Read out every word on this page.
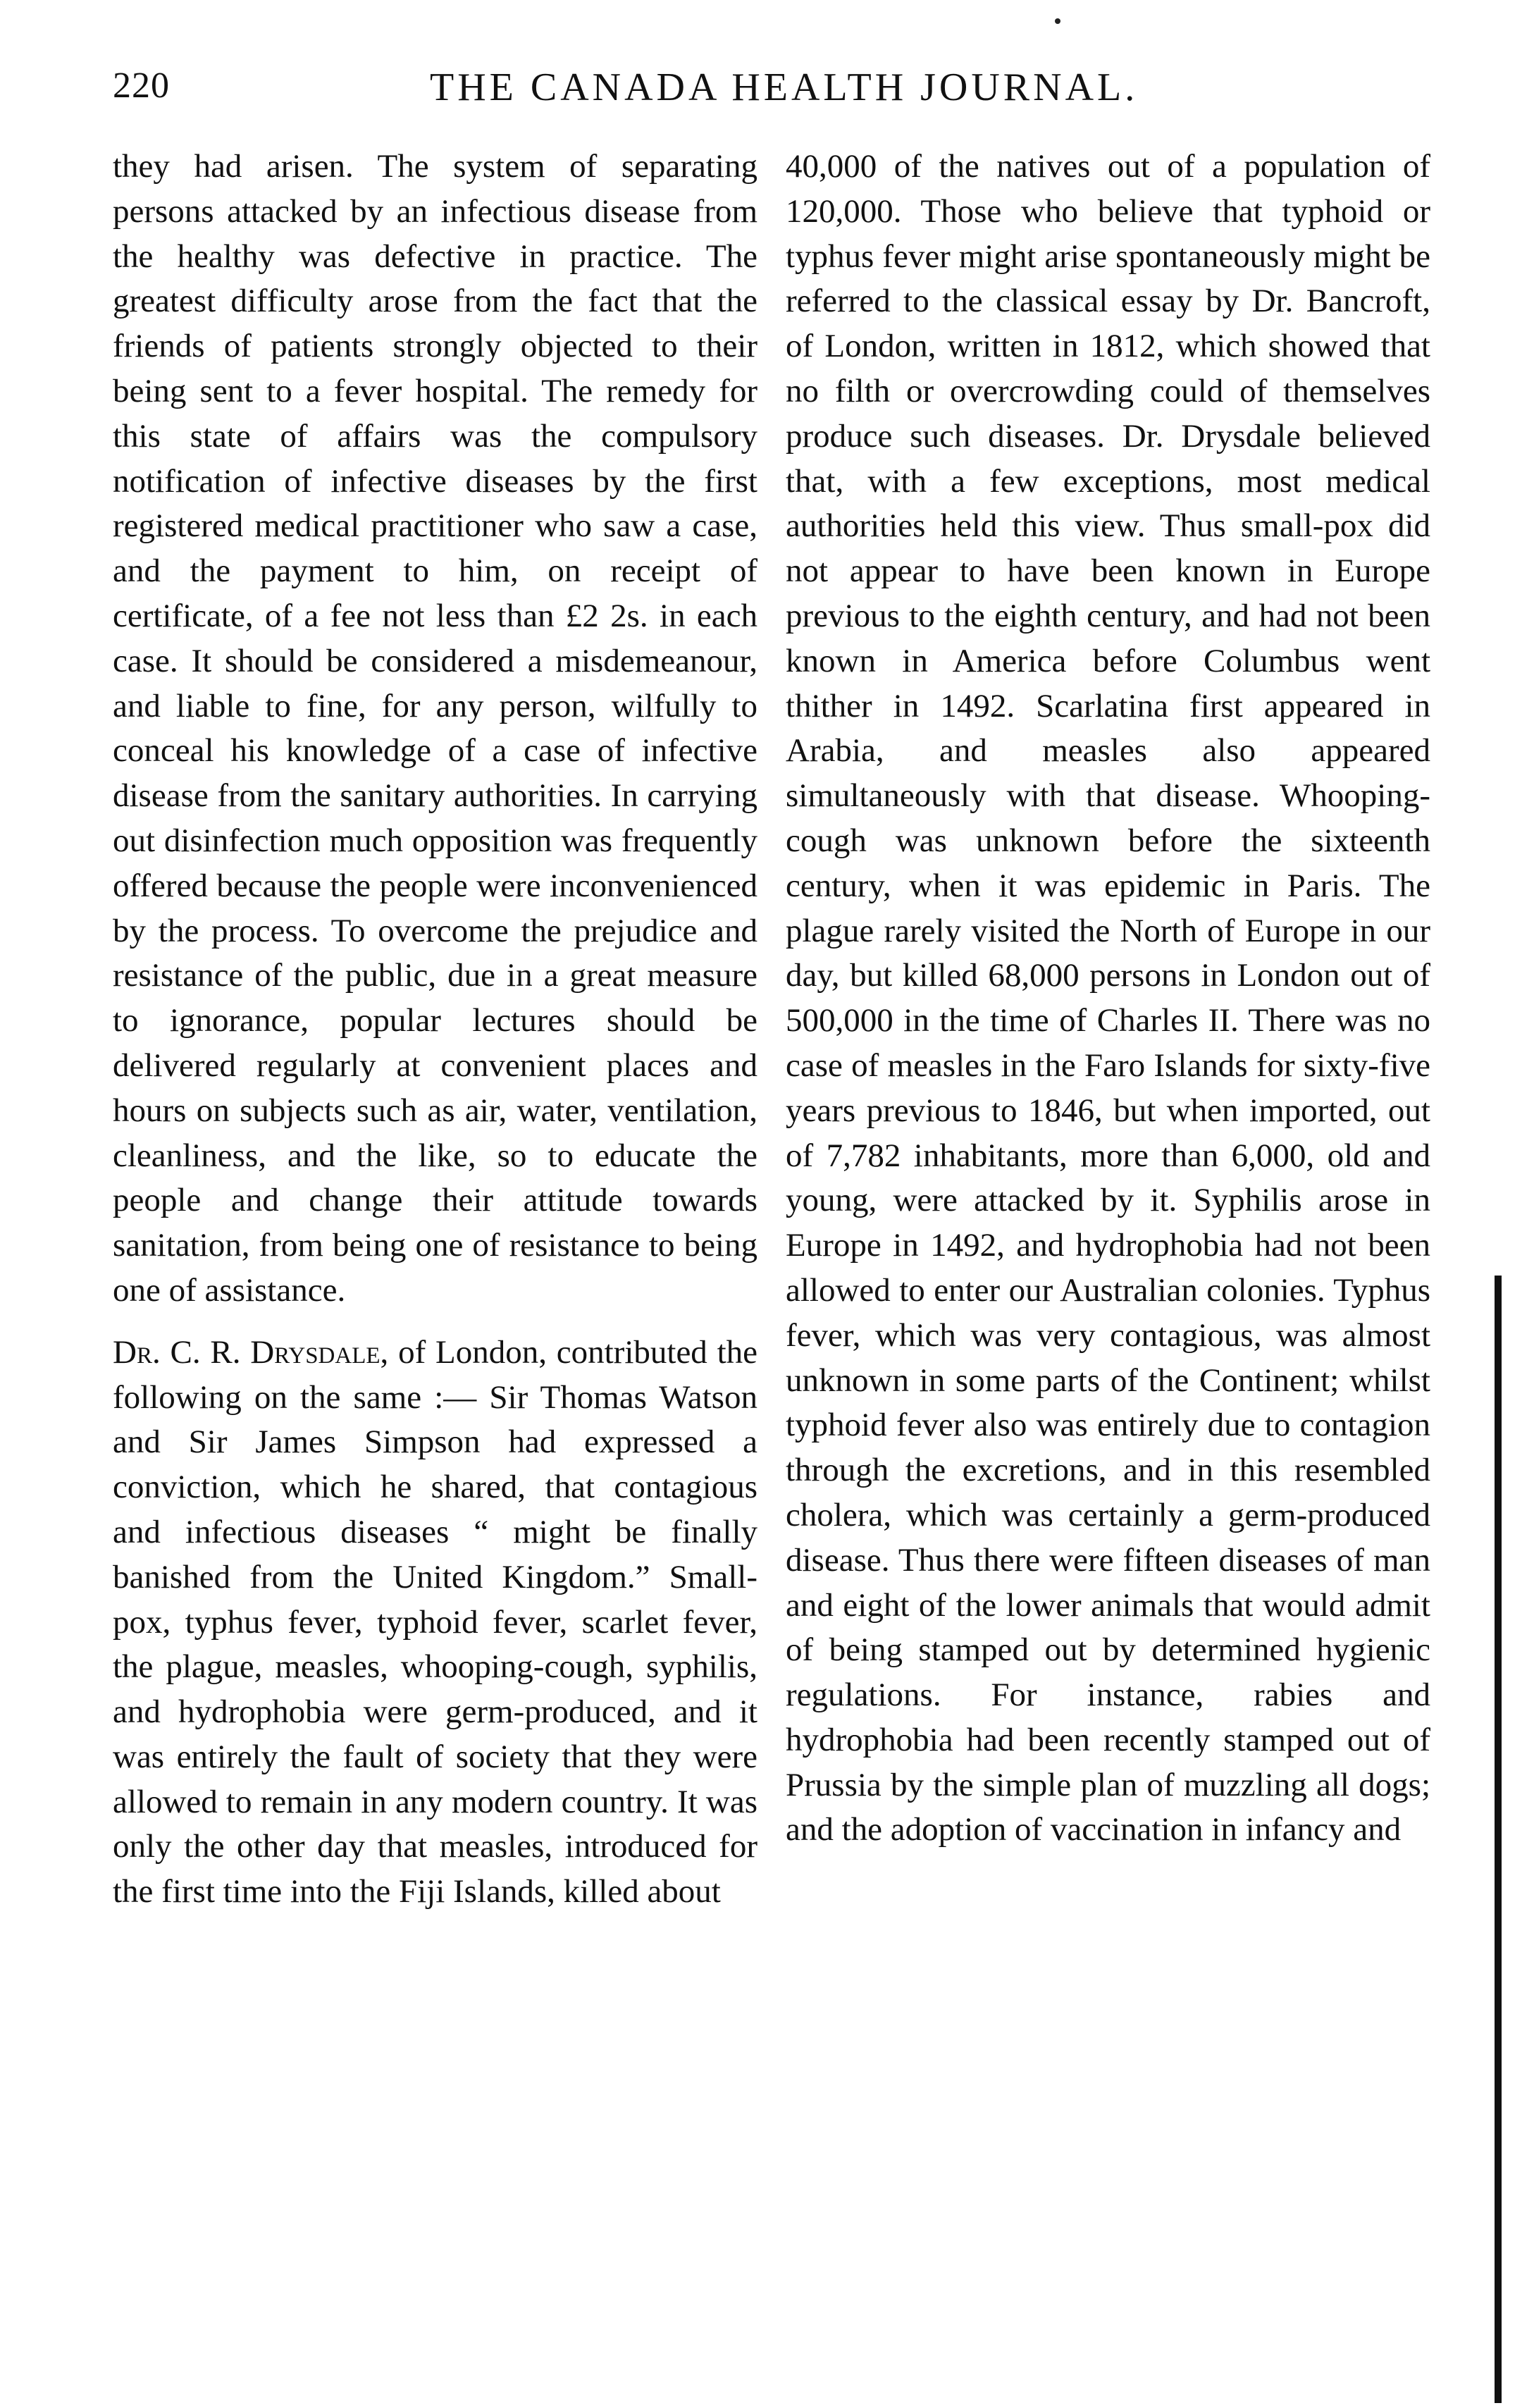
220	THE CANADA HEALTH JOURNAL.

they had arisen. The system of separating persons attacked by an infectious disease from the healthy was defective in practice. The greatest difficulty arose from the fact that the friends of patients strongly objected to their being sent to a fever hospital. The remedy for this state of affairs was the compulsory notification of infective diseases by the first registered medical practitioner who saw a case, and the payment to him, on receipt of certificate, of a fee not less than £2 2s. in each case. It should be considered a misdemeanour, and liable to fine, for any person, wilfully to conceal his knowledge of a case of infective disease from the sanitary authorities. In carrying out disinfection much opposition was frequently offered because the people were inconvenienced by the process. To overcome the prejudice and resistance of the public, due in a great measure to ignorance, popular lectures should be delivered regularly at convenient places and hours on subjects such as air, water, ventilation, cleanliness, and the like, so to educate the people and change their attitude towards sanitation, from being one of resistance to being one of assistance.

Dr. C. R. Drysdale, of London, contributed the following on the same :— Sir Thomas Watson and Sir James Simpson had expressed a conviction, which he shared, that contagious and infectious diseases “ might be finally banished from the United Kingdom.” Small-pox, typhus fever, typhoid fever, scarlet fever, the plague, measles, whooping-cough, syphilis, and hydrophobia were germ-produced, and it was entirely the fault of society that they were allowed to remain in any modern country. It was only the other day that measles, introduced for the first time into the Fiji Islands, killed about

40,000 of the natives out of a population of 120,000. Those who believe that typhoid or typhus fever might arise spontaneously might be referred to the classical essay by Dr. Bancroft, of London, written in 1812, which showed that no filth or overcrowding could of themselves produce such diseases. Dr. Drysdale believed that, with a few exceptions, most medical authorities held this view. Thus small-pox did not appear to have been known in Europe previous to the eighth century, and had not been known in America before Columbus went thither in 1492. Scarlatina first appeared in Arabia, and measles also appeared simultaneously with that disease. Whooping-cough was unknown before the sixteenth century, when it was epidemic in Paris. The plague rarely visited the North of Europe in our day, but killed 68,000 persons in London out of 500,000 in the time of Charles II. There was no case of measles in the Faro Islands for sixty-five years previous to 1846, but when imported, out of 7,782 inhabitants, more than 6,000, old and young, were attacked by it. Syphilis arose in Europe in 1492, and hydrophobia had not been allowed to enter our Australian colonies. Typhus fever, which was very contagious, was almost unknown in some parts of the Continent; whilst typhoid fever also was entirely due to contagion through the excretions, and in this resembled cholera, which was certainly a germ-produced disease. Thus there were fifteen diseases of man and eight of the lower animals that would admit of being stamped out by determined hygienic regulations. For instance, rabies and hydrophobia had been recently stamped out of Prussia by the simple plan of muzzling all dogs; and the adoption of vaccination in infancy and
